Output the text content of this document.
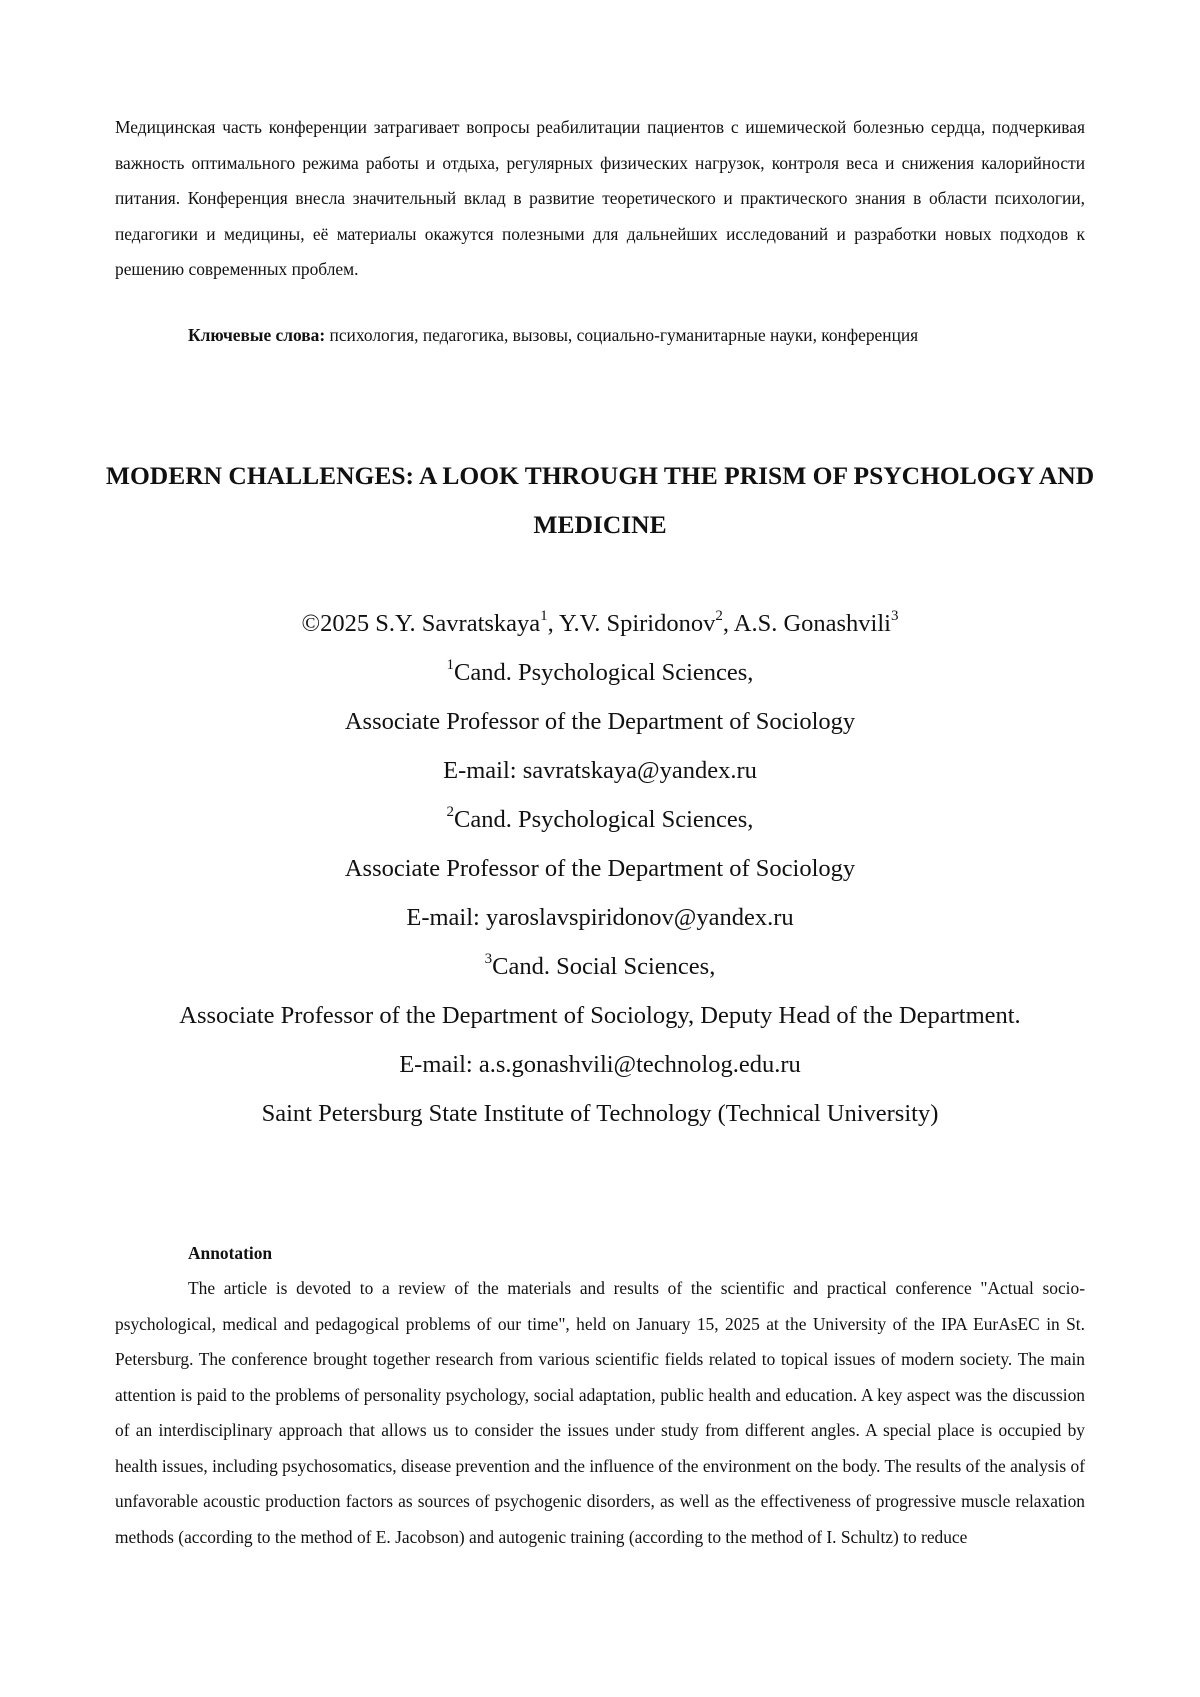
Медицинская часть конференции затрагивает вопросы реабилитации пациентов с ишемической болезнью сердца, подчеркивая важность оптимального режима работы и отдыха, регулярных физических нагрузок, контроля веса и снижения калорийности питания. Конференция внесла значительный вклад в развитие теоретического и практического знания в области психологии, педагогики и медицины, её материалы окажутся полезными для дальнейших исследований и разработки новых подходов к решению современных проблем.

Ключевые слова: психология, педагогика, вызовы, социально-гуманитарные науки, конференция

MODERN CHALLENGES: A LOOK THROUGH THE PRISM OF PSYCHOLOGY AND MEDICINE
©2025 S.Y. Savratskaya$^1$, Y.V. Spiridonov$^2$, A.S. Gonashvili$^3$
$^1$Cand. Psychological Sciences,
Associate Professor of the Department of Sociology
E-mail: savratskaya@yandex.ru
$^2$Cand. Psychological Sciences,
Associate Professor of the Department of Sociology
E-mail: yaroslavspiridonov@yandex.ru
$^3$Cand. Social Sciences,
Associate Professor of the Department of Sociology, Deputy Head of the Department.
E-mail: a.s.gonashvili@technolog.edu.ru
Saint Petersburg State Institute of Technology (Technical University)
Annotation

The article is devoted to a review of the materials and results of the scientific and practical conference "Actual socio-psychological, medical and pedagogical problems of our time", held on January 15, 2025 at the University of the IPA EurAsEC in St. Petersburg. The conference brought together research from various scientific fields related to topical issues of modern society. The main attention is paid to the problems of personality psychology, social adaptation, public health and education. A key aspect was the discussion of an interdisciplinary approach that allows us to consider the issues under study from different angles. A special place is occupied by health issues, including psychosomatics, disease prevention and the influence of the environment on the body. The results of the analysis of unfavorable acoustic production factors as sources of psychogenic disorders, as well as the effectiveness of progressive muscle relaxation methods (according to the method of E. Jacobson) and autogenic training (according to the method of I. Schultz) to reduce
